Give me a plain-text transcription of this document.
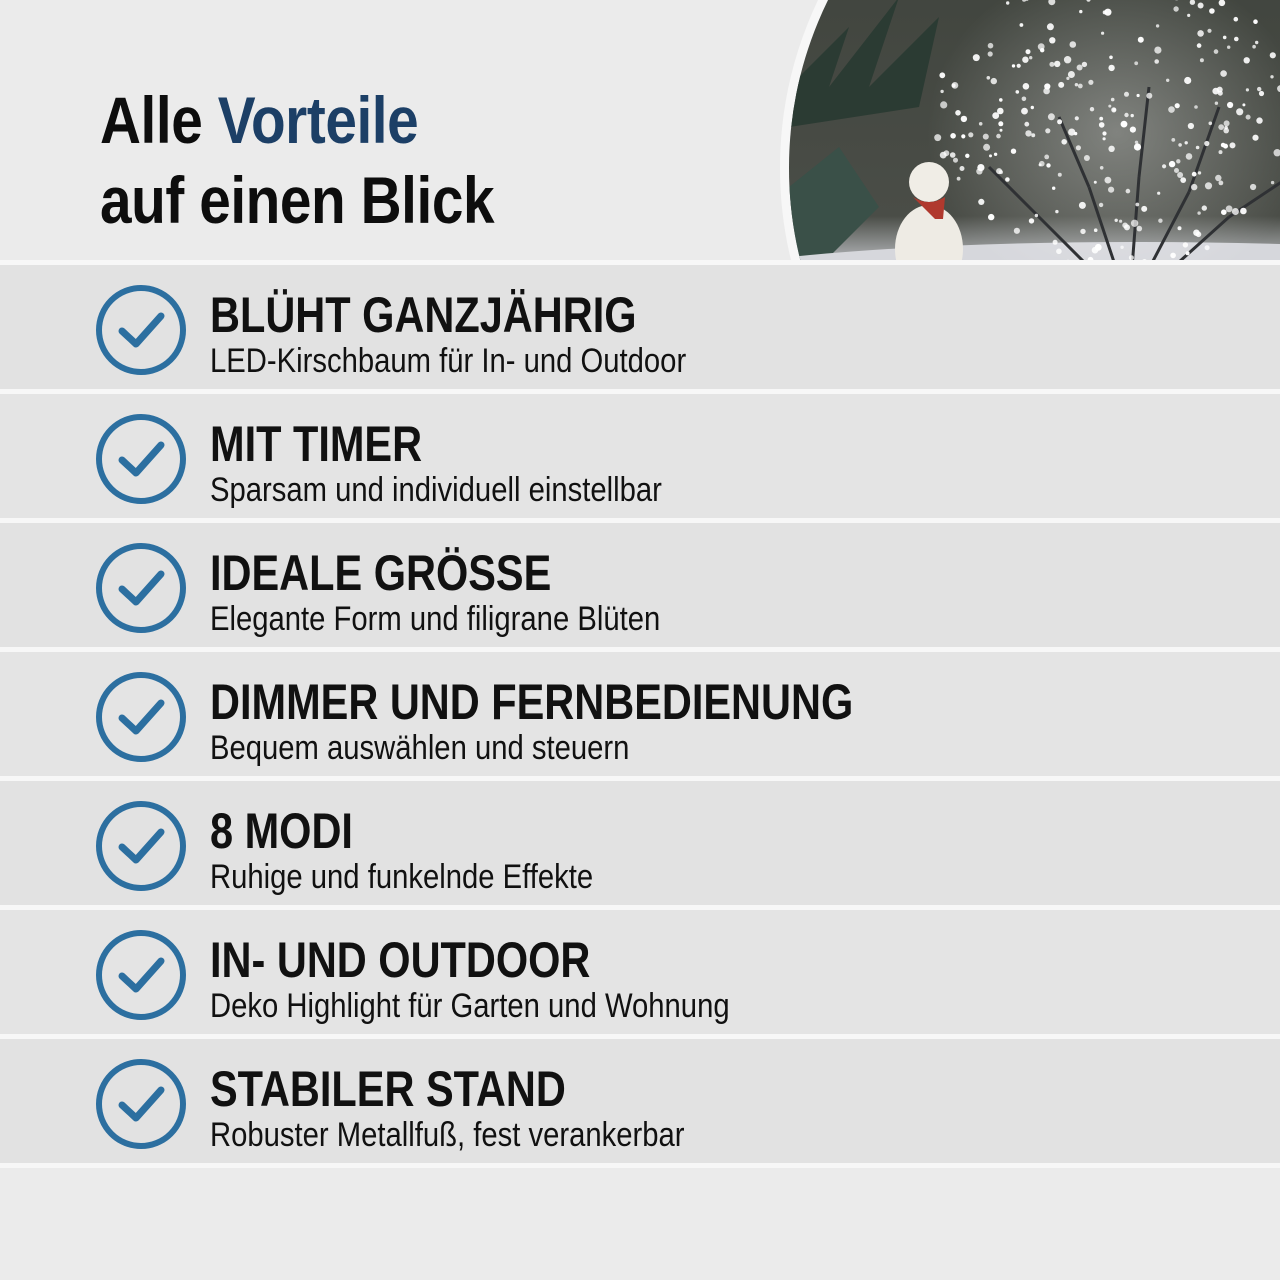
Alle Vorteile
auf einen Blick

BLÜHT GANZJÄHRIG

LED-Kirschbaum für In- und Outdoor

MIT TIMER

Sparsam und individuell einstellbar

IDEALE GRÖSSE

Elegante Form und filigrane Blüten

DIMMER UND FERNBEDIENUNG

Bequem auswählen und steuern

8 MODI

Ruhige und funkelnde Effekte

IN- UND OUTDOOR

Deko Highlight für Garten und Wohnung

STABILER STAND

Robuster Metallfuß, fest verankerbar
